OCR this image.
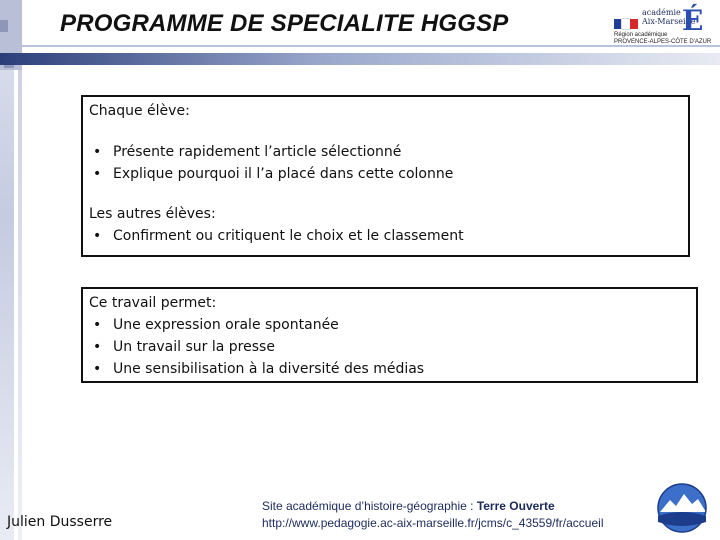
PROGRAMME DE SPECIALITE HGGSP	académie
Aix-Marseille
É
Région académique
PROVENCE-ALPES-CÔTE D'AZUR

Chaque élève:

• Présente rapidement l’article sélectionné
• Explique pourquoi il l’a placé dans cette colonne

Les autres élèves:

• Confirment ou critiquent le choix et le classement

Ce travail permet:

• Une expression orale spontanée
• Un travail sur la presse
• Une sensibilisation à la diversité des médias
Julien Dusserre
Site académique d’histoire-géographie : Terre Ouverte
http://www.pedagogie.ac-aix-marseille.fr/jcms/c_43559/fr/accueil
